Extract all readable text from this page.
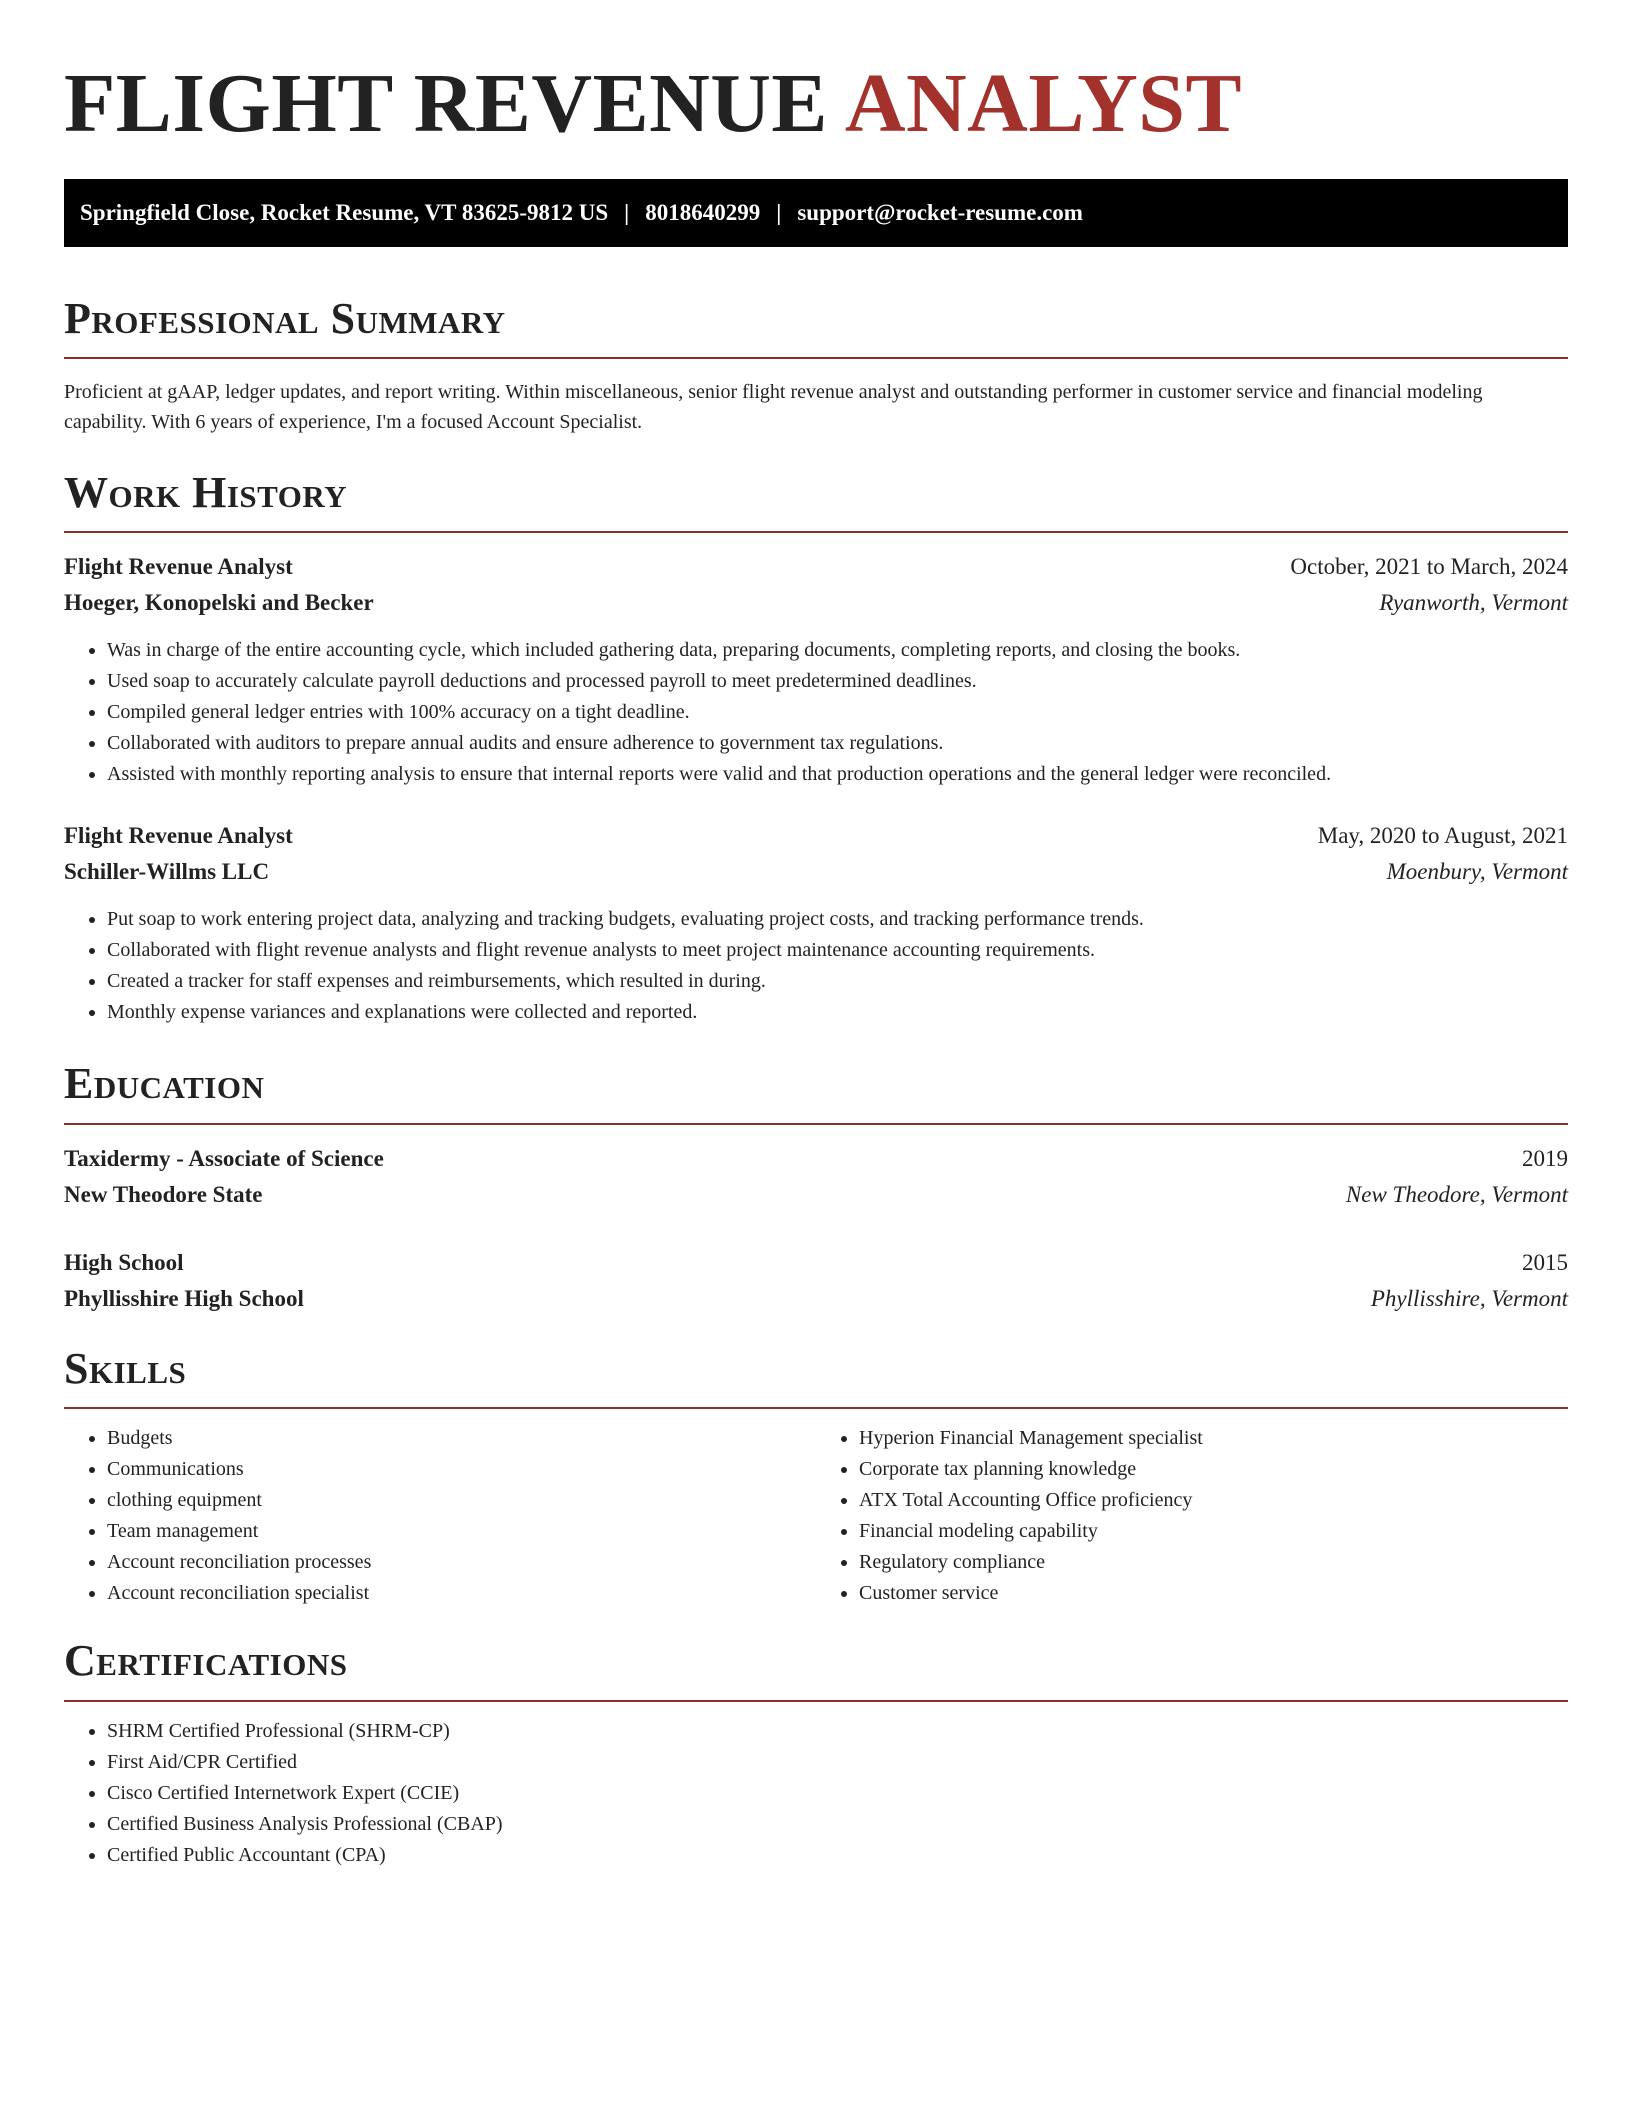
FLIGHT REVENUE ANALYST
Springfield Close, Rocket Resume, VT 83625-9812 US | 8018640299 | support@rocket-resume.com
Professional Summary

Proficient at gAAP, ledger updates, and report writing. Within miscellaneous, senior flight revenue analyst and outstanding performer in customer service and financial modeling capability. With 6 years of experience, I'm a focused Account Specialist.

Work History
Flight Revenue Analyst	October, 2021 to March, 2024
Hoeger, Konopelski and Becker	Ryanworth, Vermont
• Was in charge of the entire accounting cycle, which included gathering data, preparing documents, completing reports, and closing the books.
• Used soap to accurately calculate payroll deductions and processed payroll to meet predetermined deadlines.
• Compiled general ledger entries with 100% accuracy on a tight deadline.
• Collaborated with auditors to prepare annual audits and ensure adherence to government tax regulations.
• Assisted with monthly reporting analysis to ensure that internal reports were valid and that production operations and the general ledger were reconciled.
Flight Revenue Analyst	May, 2020 to August, 2021
Schiller-Willms LLC	Moenbury, Vermont
• Put soap to work entering project data, analyzing and tracking budgets, evaluating project costs, and tracking performance trends.
• Collaborated with flight revenue analysts and flight revenue analysts to meet project maintenance accounting requirements.
• Created a tracker for staff expenses and reimbursements, which resulted in during.
• Monthly expense variances and explanations were collected and reported.
Education
Taxidermy - Associate of Science	2019
New Theodore State	New Theodore, Vermont
High School	2015
Phyllisshire High School	Phyllisshire, Vermont
Skills
• Budgets
• Communications
• clothing equipment
• Team management
• Account reconciliation processes
• Account reconciliation specialist
• Hyperion Financial Management specialist
• Corporate tax planning knowledge
• ATX Total Accounting Office proficiency
• Financial modeling capability
• Regulatory compliance
• Customer service
Certifications
• SHRM Certified Professional (SHRM-CP)
• First Aid/CPR Certified
• Cisco Certified Internetwork Expert (CCIE)
• Certified Business Analysis Professional (CBAP)
• Certified Public Accountant (CPA)
